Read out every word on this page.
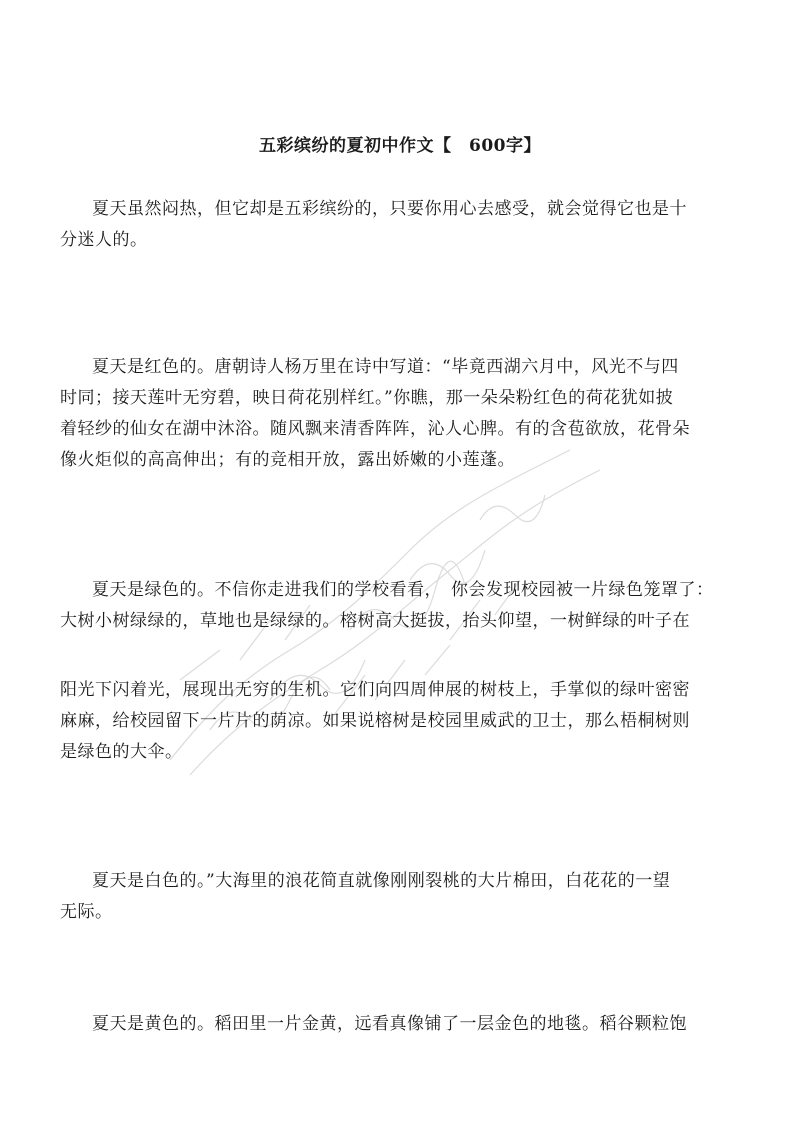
五彩缤纷的夏初中作文【　600字】
夏天虽然闷热，但它却是五彩缤纷的，只要你用心去感受，就会觉得它也是十
分迷人的。
夏天是红色的。唐朝诗人杨万里在诗中写道：“毕竟西湖六月中，风光不与四
时同；接天莲叶无穷碧，映日荷花别样红。”你瞧，那一朵朵粉红色的荷花犹如披
着轻纱的仙女在湖中沐浴。随风飘来清香阵阵，沁人心脾。有的含苞欲放，花骨朵
像火炬似的高高伸出；有的竞相开放，露出娇嫩的小莲蓬。
夏天是绿色的。不信你走进我们的学校看看，　你会发现校园被一片绿色笼罩了：
大树小树绿绿的，草地也是绿绿的。榕树高大挺拔，抬头仰望，一树鲜绿的叶子在
阳光下闪着光，展现出无穷的生机。它们向四周伸展的树枝上，手掌似的绿叶密密
麻麻，给校园留下一片片的荫凉。如果说榕树是校园里威武的卫士，那么梧桐树则
是绿色的大伞。
夏天是白色的。”大海里的浪花简直就像刚刚裂桃的大片棉田，白花花的一望
无际。
夏天是黄色的。稻田里一片金黄，远看真像铺了一层金色的地毯。稻谷颗粒饱
